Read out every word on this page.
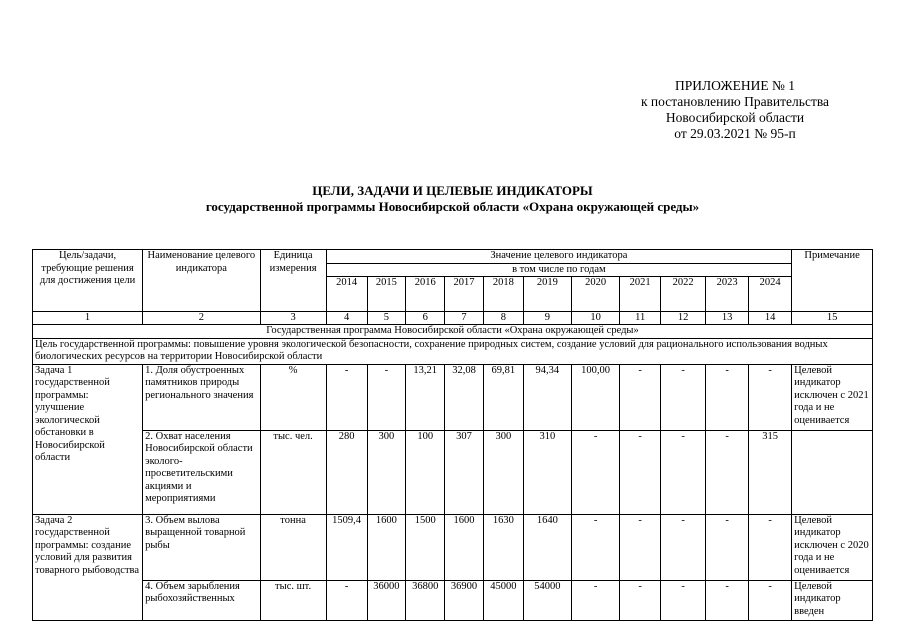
ПРИЛОЖЕНИЕ № 1
к постановлению Правительства
Новосибирской области
от 29.03.2021 № 95-п
ЦЕЛИ, ЗАДАЧИ И ЦЕЛЕВЫЕ ИНДИКАТОРЫ
государственной программы Новосибирской области «Охрана окружающей среды»
Цель/задачи, требующие решения для достижения цели	Наименование целевого индикатора	Единица измерения	Значение целевого индикатора											Примечание
			в том числе по годам											
			2014	2015	2016	2017	2018	2019	2020	2021	2022	2023	2024	
1	2	3	4	5	6	7	8	9	10	11	12	13	14	15
Государственная программа Новосибирской области «Охрана окружающей среды»														
Цель государственной программы: повышение уровня экологической безопасности, сохранение природных систем, создание условий для рационального использования водных биологических ресурсов на территории Новосибирской области														
Задача 1 государственной программы: улучшение экологической обстановки в Новосибирской области	1. Доля обустроенных памятников природы регионального значения	%	-	-	13,21	32,08	69,81	94,34	100,00	-	-	-	-	Целевой индикатор исключен с 2021 года и не оценивается
	2. Охват населения Новосибирской области эколого-просветительскими акциями и мероприятиями	тыс. чел.	280	300	100	307	300	310	-	-	-	-	315	
Задача 2 государственной программы: создание условий для развития товарного рыбоводства	3. Объем вылова выращенной товарной рыбы	тонна	1509,4	1600	1500	1600	1630	1640	-	-	-	-	-	Целевой индикатор исключен с 2020 года и не оценивается
	4. Объем зарыбления рыбохозяйственных	тыс. шт.	-	36000	36800	36900	45000	54000	-	-	-	-	-	Целевой индикатор введен
